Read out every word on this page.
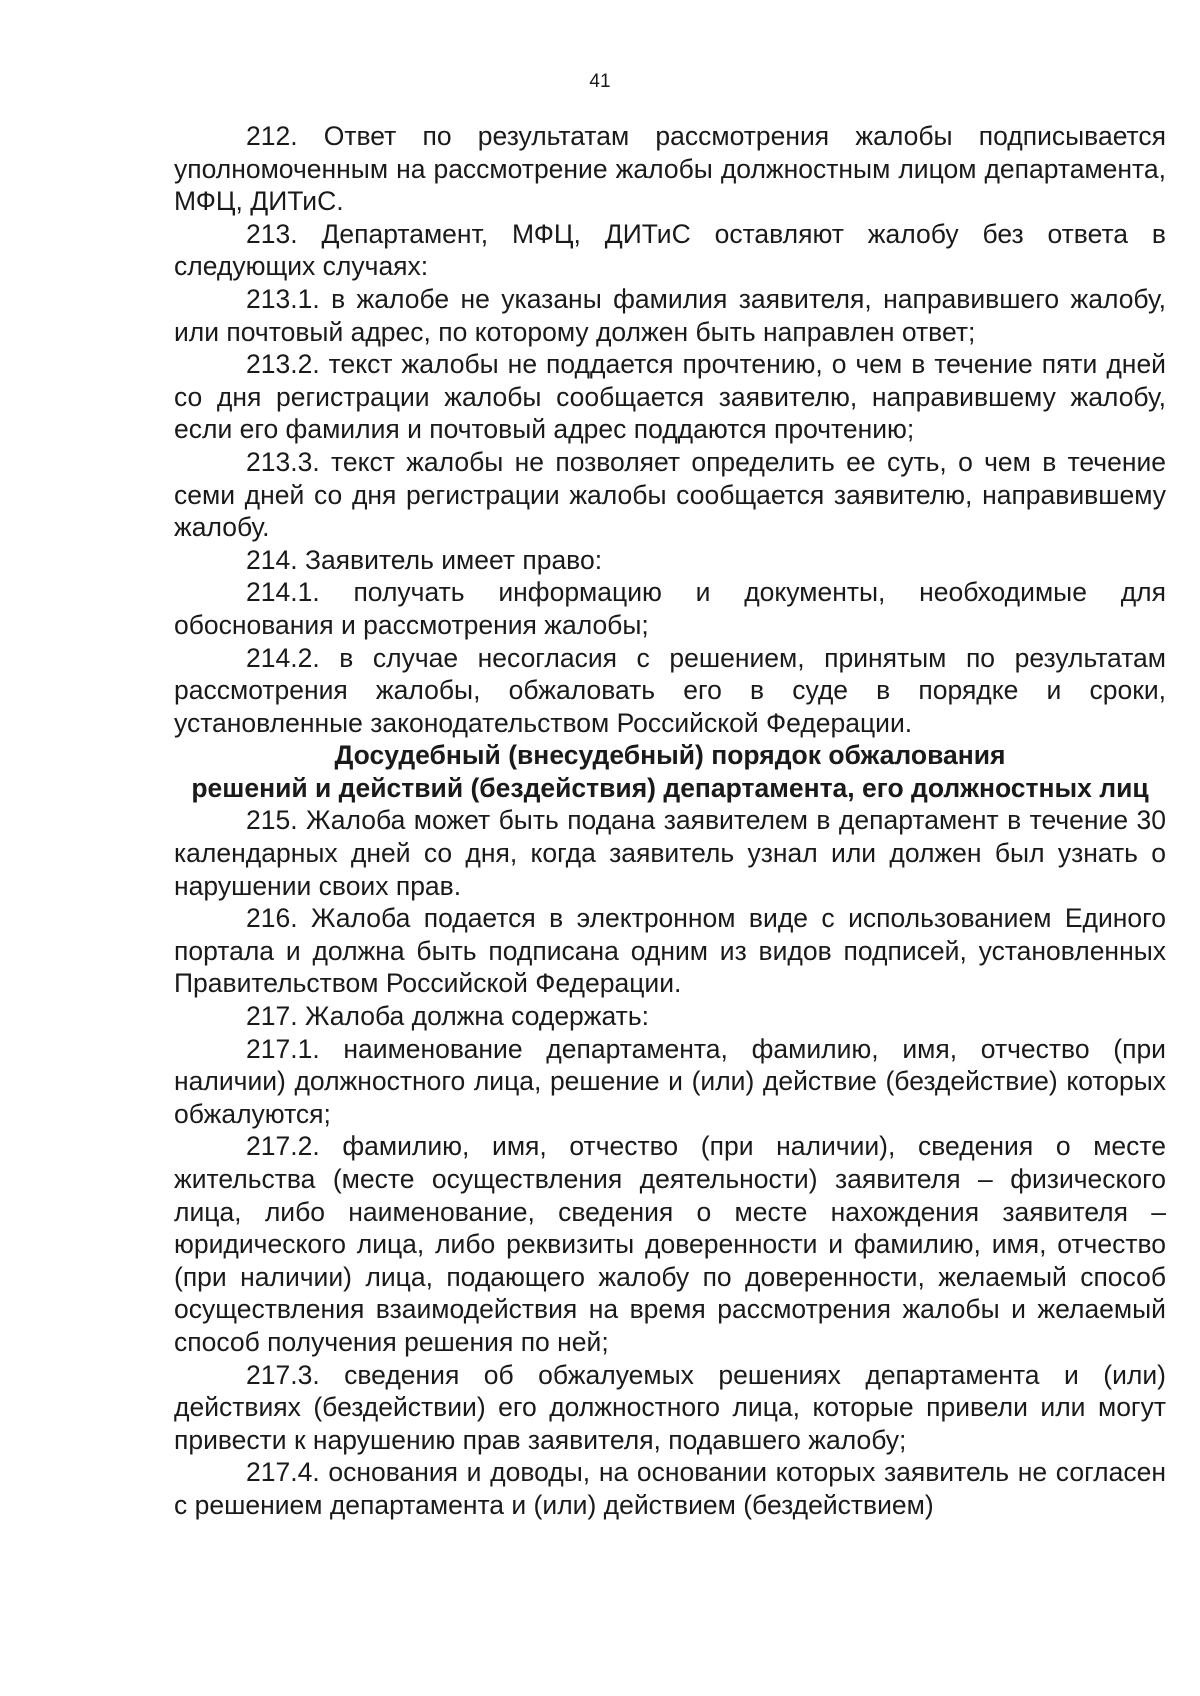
41

212. Ответ по результатам рассмотрения жалобы подписывается уполномоченным на рассмотрение жалобы должностным лицом департамента, МФЦ, ДИТиС.

213. Департамент, МФЦ, ДИТиС оставляют жалобу без ответа в следующих случаях:

213.1. в жалобе не указаны фамилия заявителя, направившего жалобу, или почтовый адрес, по которому должен быть направлен ответ;

213.2. текст жалобы не поддается прочтению, о чем в течение пяти дней со дня регистрации жалобы сообщается заявителю, направившему жалобу, если его фамилия и почтовый адрес поддаются прочтению;

213.3. текст жалобы не позволяет определить ее суть, о чем в течение семи дней со дня регистрации жалобы сообщается заявителю, направившему жалобу.

214. Заявитель имеет право:

214.1. получать информацию и документы, необходимые для обоснования и рассмотрения жалобы;

214.2. в случае несогласия с решением, принятым по результатам рассмотрения жалобы, обжаловать его в суде в порядке и сроки, установленные законодательством Российской Федерации.

Досудебный (внесудебный) порядок обжалования
решений и действий (бездействия) департамента, его должностных лиц

215. Жалоба может быть подана заявителем в департамент в течение 30 календарных дней со дня, когда заявитель узнал или должен был узнать о нарушении своих прав.

216. Жалоба подается в электронном виде с использованием Единого портала и должна быть подписана одним из видов подписей, установленных Правительством Российской Федерации.

217. Жалоба должна содержать:

217.1. наименование департамента, фамилию, имя, отчество (при наличии) должностного лица, решение и (или) действие (бездействие) которых обжалуются;

217.2. фамилию, имя, отчество (при наличии), сведения о месте жительства (месте осуществления деятельности) заявителя – физического лица, либо наименование, сведения о месте нахождения заявителя – юридического лица, либо реквизиты доверенности и фамилию, имя, отчество (при наличии) лица, подающего жалобу по доверенности, желаемый способ осуществления взаимодействия на время рассмотрения жалобы и желаемый способ получения решения по ней;

217.3. сведения об обжалуемых решениях департамента и (или) действиях (бездействии) его должностного лица, которые привели или могут привести к нарушению прав заявителя, подавшего жалобу;

217.4. основания и доводы, на основании которых заявитель не согласен с решением департамента и (или) действием (бездействием)
